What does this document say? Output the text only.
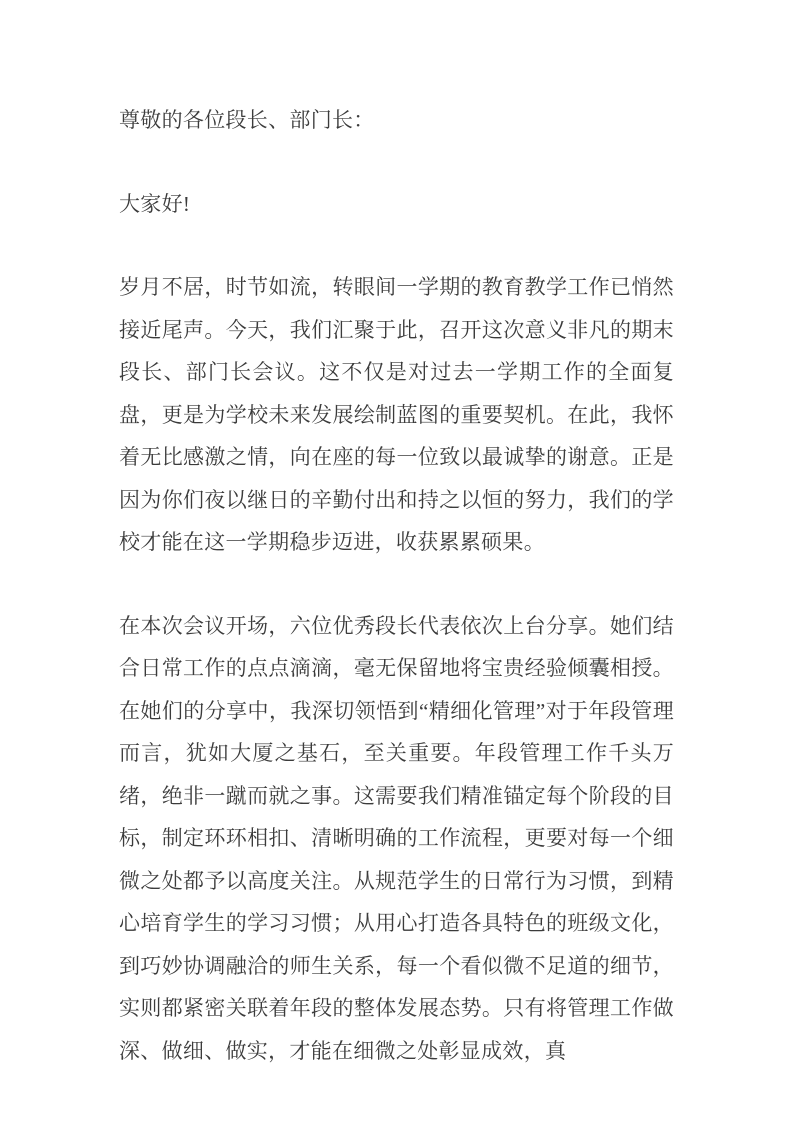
尊敬的各位段长、部门长：

大家好!

岁月不居，时节如流，转眼间一学期的教育教学工作已悄然接近尾声。今天，我们汇聚于此，召开这次意义非凡的期末段长、部门长会议。这不仅是对过去一学期工作的全面复盘，更是为学校未来发展绘制蓝图的重要契机。在此，我怀着无比感激之情，向在座的每一位致以最诚挚的谢意。正是因为你们夜以继日的辛勤付出和持之以恒的努力，我们的学校才能在这一学期稳步迈进，收获累累硕果。

在本次会议开场，六位优秀段长代表依次上台分享。她们结合日常工作的点点滴滴，毫无保留地将宝贵经验倾囊相授。在她们的分享中，我深切领悟到“精细化管理”对于年段管理而言，犹如大厦之基石，至关重要。年段管理工作千头万绪，绝非一蹴而就之事。这需要我们精准锚定每个阶段的目标，制定环环相扣、清晰明确的工作流程，更要对每一个细微之处都予以高度关注。从规范学生的日常行为习惯，到精心培育学生的学习习惯；从用心打造各具特色的班级文化，到巧妙协调融洽的师生关系，每一个看似微不足道的细节，实则都紧密关联着年段的整体发展态势。只有将管理工作做深、做细、做实，才能在细微之处彰显成效，真
